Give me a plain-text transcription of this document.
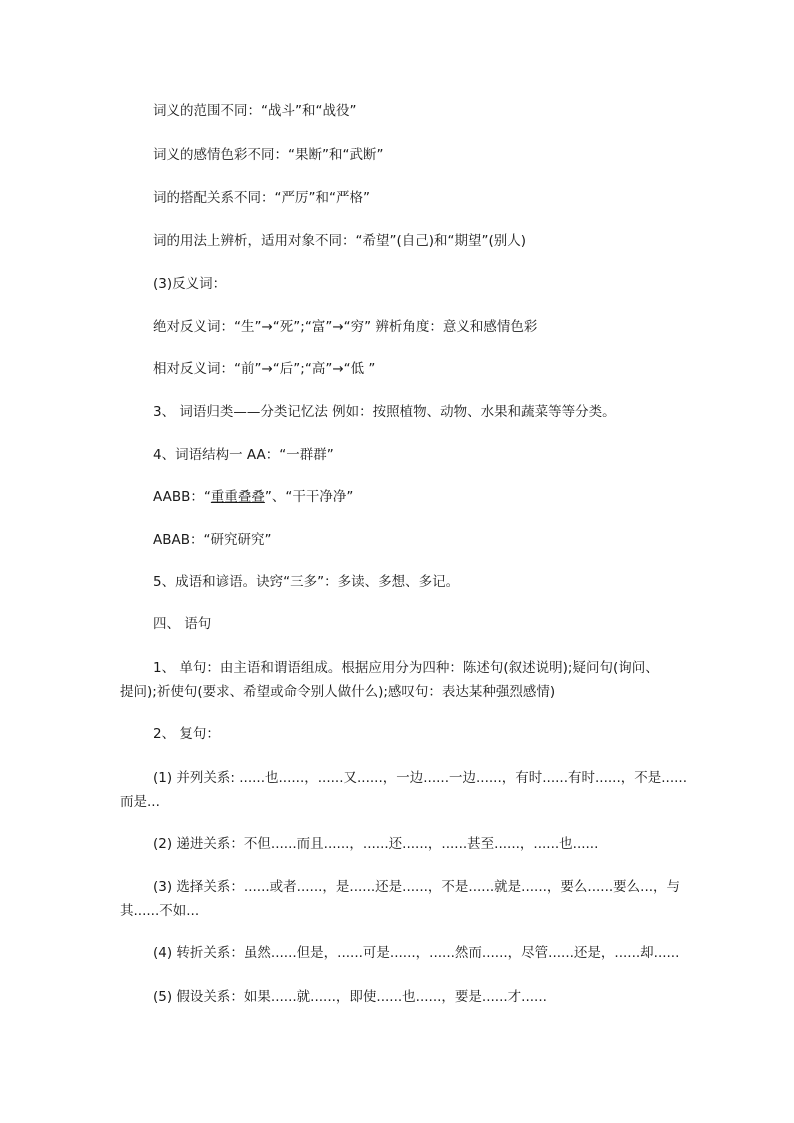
词义的范围不同：“战斗”和“战役”
词义的感情色彩不同：“果断”和“武断”
词的搭配关系不同：“严厉”和“严格”
词的用法上辨析，适用对象不同：“希望”(自己)和“期望”(别人)
(3)反义词：
绝对反义词：“生”→“死”;“富”→“穷” 辨析角度：意义和感情色彩
相对反义词：“前”→“后”;“高”→“低 ”
3、 词语归类——分类记忆法 例如：按照植物、动物、水果和蔬菜等等分类。
4、词语结构一 AA：“一群群”
AABB：“重重叠叠”、“干干净净”
ABAB：“研究研究”
5、成语和谚语。诀窍“三多”：多读、多想、多记。
四、 语句
1、 单句：由主语和谓语组成。根据应用分为四种：陈述句(叙述说明);疑问句(询问、
提问);祈使句(要求、希望或命令别人做什么);感叹句：表达某种强烈感情)
2、 复句：
(1) 并列关系: ......也......，......又......，一边......一边......，有时......有时......，不是......
而是...
(2) 递进关系：不但......而且......，......还......，......甚至......，......也......
(3) 选择关系：......或者......，是......还是......，不是......就是......，要么......要么...，与
其......不如...
(4) 转折关系：虽然......但是，......可是......，......然而......，尽管......还是，......却......
(5) 假设关系：如果......就......，即使......也......，要是......才......
